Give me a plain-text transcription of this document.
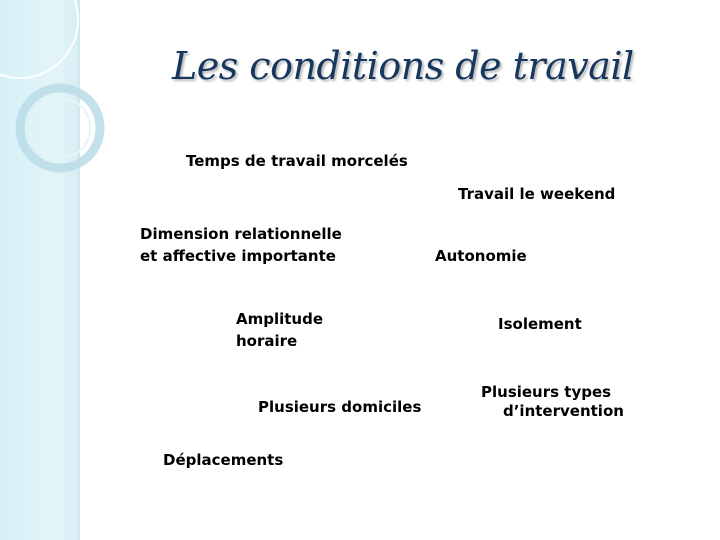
Les conditions de travail
Temps de travail morcelés
Travail le weekend
Dimension relationnelle
et affective importante	Autonomie
Amplitude
horaire
Isolement
Plusieurs types
d’intervention
Plusieurs domiciles
Déplacements
